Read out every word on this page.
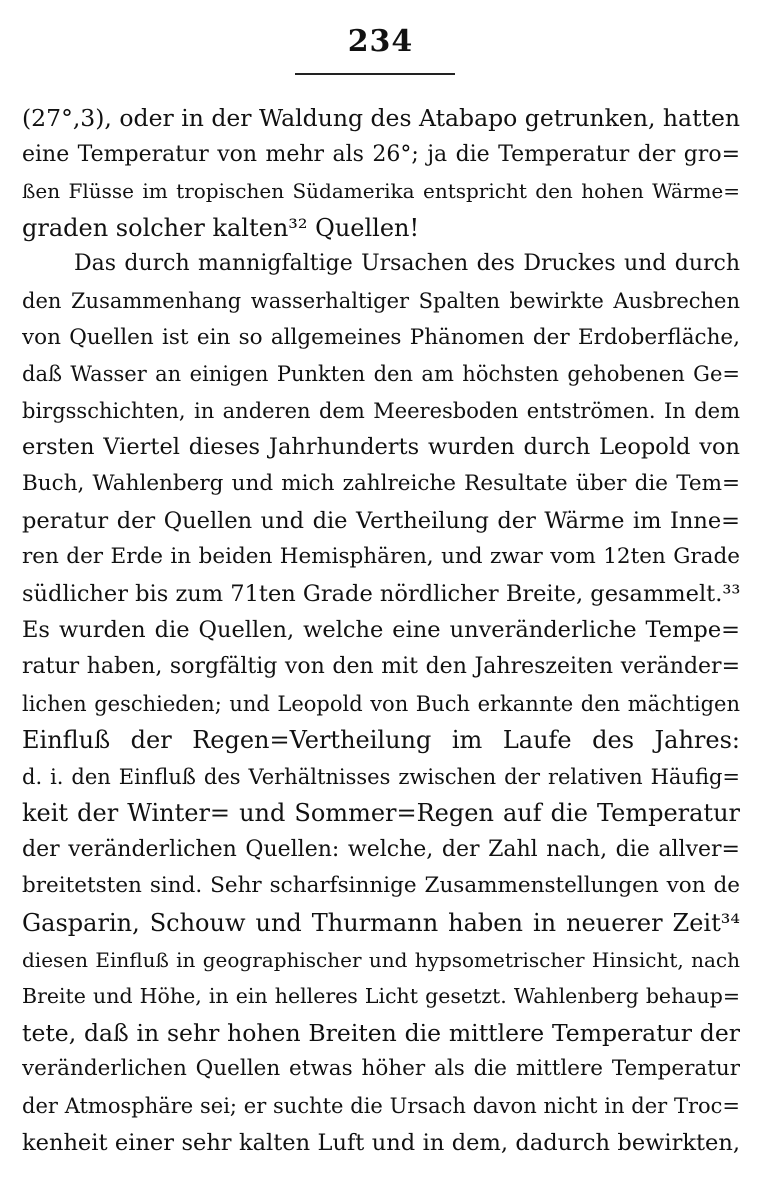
234
(27°,3), oder in der Waldung des Atabapo getrunken, hatten
eine Temperatur von mehr als 26°; ja die Temperatur der gro=
ßen Flüsse im tropischen Südamerika entspricht den hohen Wärme=
graden solcher kalten³² Quellen!
Das durch mannigfaltige Ursachen des Druckes und durch
den Zusammenhang wasserhaltiger Spalten bewirkte Ausbrechen
von Quellen ist ein so allgemeines Phänomen der Erdoberfläche,
daß Wasser an einigen Punkten den am höchsten gehobenen Ge=
birgsschichten, in anderen dem Meeresboden entströmen. In dem
ersten Viertel dieses Jahrhunderts wurden durch Leopold von
Buch, Wahlenberg und mich zahlreiche Resultate über die Tem=
peratur der Quellen und die Vertheilung der Wärme im Inne=
ren der Erde in beiden Hemisphären, und zwar vom 12ten Grade
südlicher bis zum 71ten Grade nördlicher Breite, gesammelt.³³
Es wurden die Quellen, welche eine unveränderliche Tempe=
ratur haben, sorgfältig von den mit den Jahreszeiten veränder=
lichen geschieden; und Leopold von Buch erkannte den mächtigen
Einfluß der Regen=Vertheilung im Laufe des Jahres:
d. i. den Einfluß des Verhältnisses zwischen der relativen Häufig=
keit der Winter= und Sommer=Regen auf die Temperatur
der veränderlichen Quellen: welche, der Zahl nach, die allver=
breitetsten sind. Sehr scharfsinnige Zusammenstellungen von de
Gasparin, Schouw und Thurmann haben in neuerer Zeit³⁴
diesen Einfluß in geographischer und hypsometrischer Hinsicht, nach
Breite und Höhe, in ein helleres Licht gesetzt. Wahlenberg behaup=
tete, daß in sehr hohen Breiten die mittlere Temperatur der
veränderlichen Quellen etwas höher als die mittlere Temperatur
der Atmosphäre sei; er suchte die Ursach davon nicht in der Troc=
kenheit einer sehr kalten Luft und in dem, dadurch bewirkten,
